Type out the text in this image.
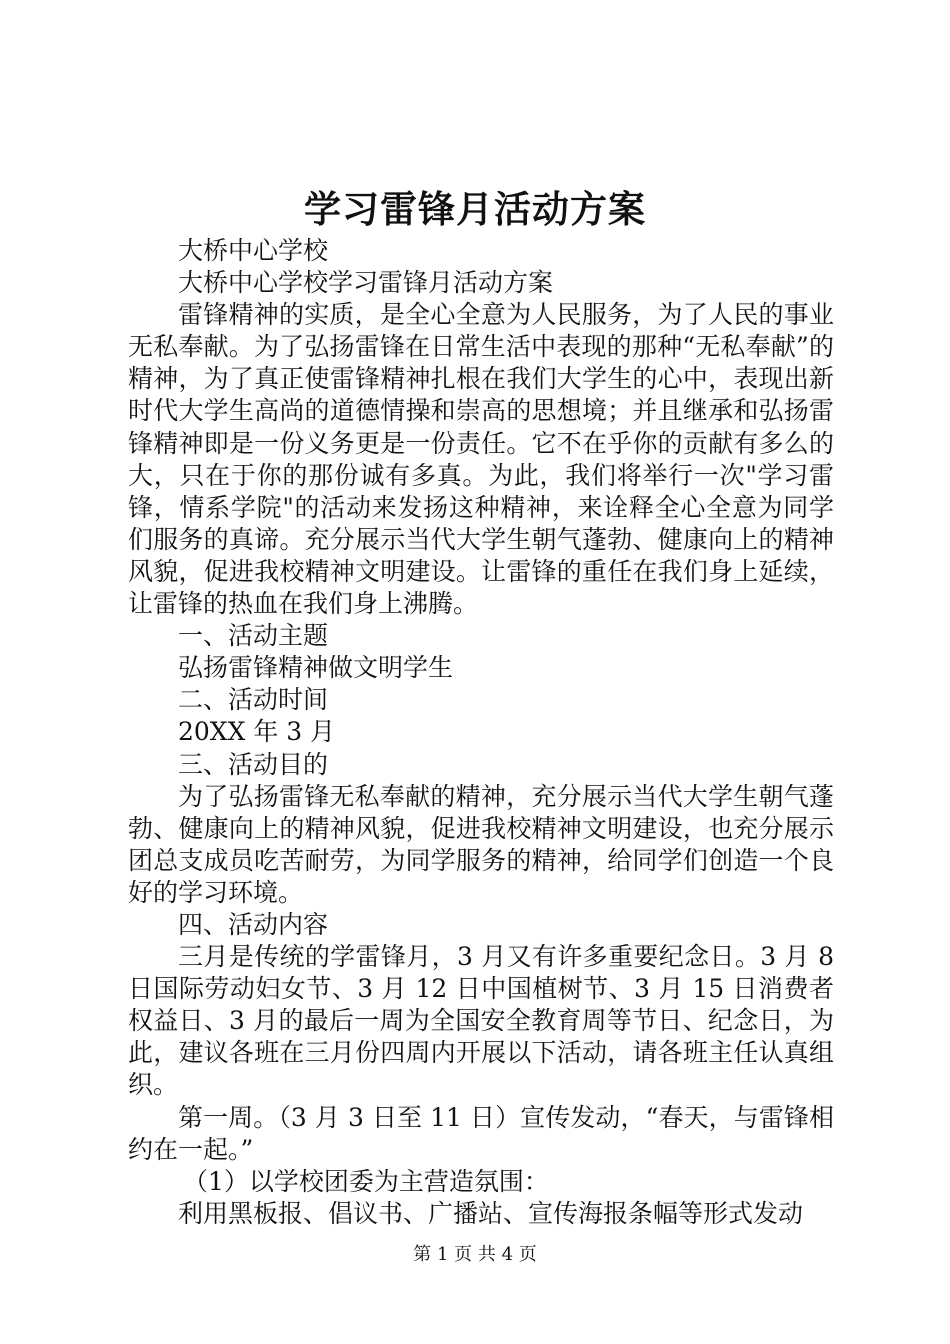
学习雷锋月活动方案

大桥中心学校

大桥中心学校学习雷锋月活动方案

雷锋精神的实质，是全心全意为人民服务，为了人民的事业无私奉献。为了弘扬雷锋在日常生活中表现的那种“无私奉献”的精神，为了真正使雷锋精神扎根在我们大学生的心中，表现出新时代大学生高尚的道德情操和崇高的思想境；并且继承和弘扬雷锋精神即是一份义务更是一份责任。它不在乎你的贡献有多么的大，只在于你的那份诚有多真。为此，我们将举行一次"学习雷锋，情系学院"的活动来发扬这种精神，来诠释全心全意为同学们服务的真谛。充分展示当代大学生朝气蓬勃、健康向上的精神风貌，促进我校精神文明建设。让雷锋的重任在我们身上延续，让雷锋的热血在我们身上沸腾。

一、活动主题

弘扬雷锋精神做文明学生

二、活动时间

20XX 年 3 月

三、活动目的

为了弘扬雷锋无私奉献的精神，充分展示当代大学生朝气蓬勃、健康向上的精神风貌，促进我校精神文明建设，也充分展示团总支成员吃苦耐劳，为同学服务的精神，给同学们创造一个良好的学习环境。

四、活动内容

三月是传统的学雷锋月，3 月又有许多重要纪念日。3 月 8 日国际劳动妇女节、3 月 12 日中国植树节、3 月 15 日消费者权益日、3 月的最后一周为全国安全教育周等节日、纪念日，为此，建议各班在三月份四周内开展以下活动，请各班主任认真组织。

第一周。（3 月 3 日至 11 日）宣传发动，“春天，与雷锋相约在一起。”

（1）以学校团委为主营造氛围：

利用黑板报、倡议书、广播站、宣传海报条幅等形式发动

第 1 页 共 4 页
